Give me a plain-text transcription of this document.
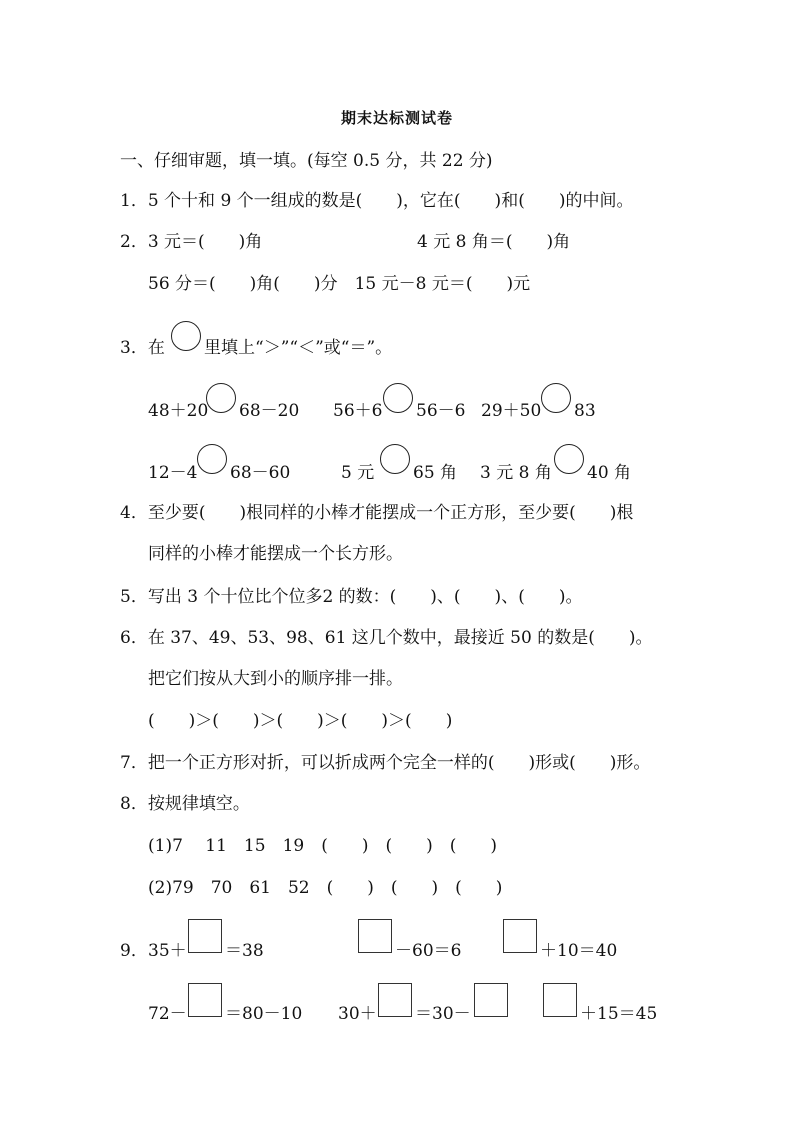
期末达标测试卷
一、仔细审题，填一填。(每空 0.5 分，共 22 分)
1．5 个十和 9 个一组成的数是(　　)，它在(　　)和(　　)的中间。
2．3 元＝(　　)角	4 元 8 角＝(　　)角
56 分＝(　　)角(　　)分　15 元－8 元＝(　　)元
3．在 里填上“＞”“＜”或“＝”。
48＋20 68－20 56＋6 56－6 29＋50 83
12－4 68－60	5 元 65 角 3 元 8 角 40 角
4．至少要(　　)根同样的小棒才能摆成一个正方形，至少要(　　)根
同样的小棒才能摆成一个长方形。
5．写出 3 个十位比个位多2 的数：(　　)、(　　)、(　　)。
6．在 37、49、53、98、61 这几个数中，最接近 50 的数是(　　)。
把它们按从大到小的顺序排一排。
(　　)＞(　　)＞(　　)＞(　　)＞(　　)
7．把一个正方形对折，可以折成两个完全一样的(　　)形或(　　)形。
8．按规律填空。
(1)7　 11　15　19　(　　)　(　　)　(　　)
(2)79　70　61　52　(　　)　(　　)　(　　)
9． 35＋ ＝38	－60＝6	＋10＝40
72－ ＝80－10 30＋ ＝30－	＋15＝45
